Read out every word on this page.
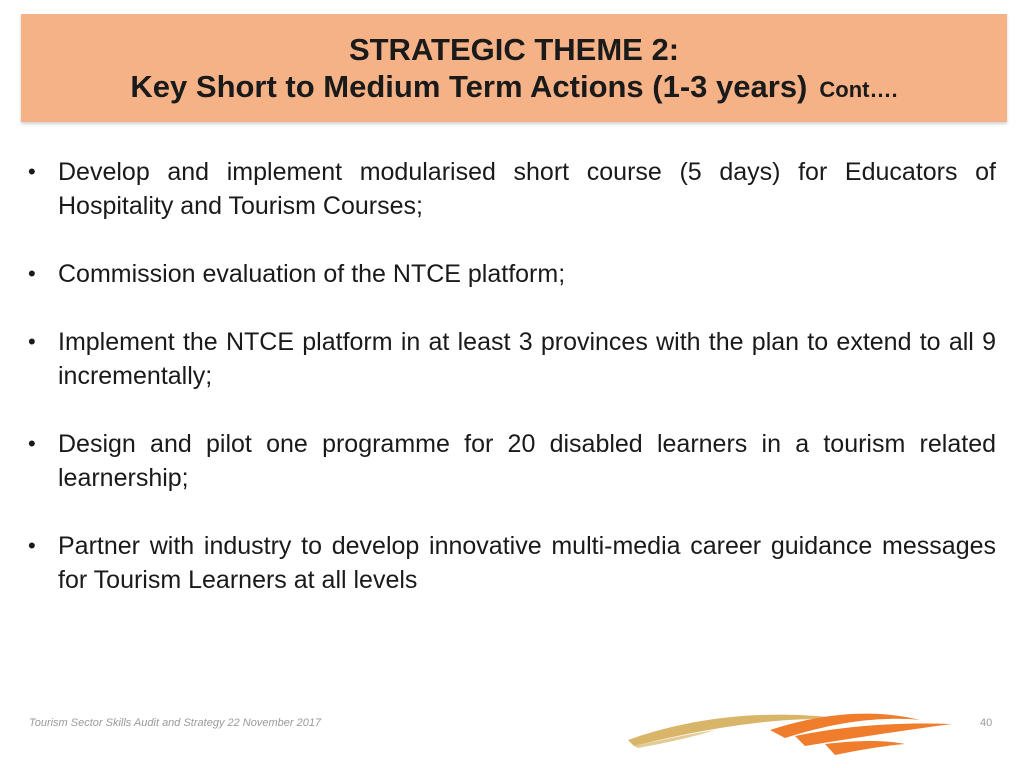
STRATEGIC THEME 2:
Key Short to Medium Term Actions (1-3 years) Cont….
• Develop and implement modularised short course (5 days) for Educators of Hospitality and Tourism Courses;
• Commission evaluation of the NTCE platform;
• Implement the NTCE platform in at least 3 provinces with the plan to extend to all 9 incrementally;
• Design and pilot one programme for 20 disabled learners in a tourism related learnership;
• Partner with industry to develop innovative multi-media career guidance messages for Tourism Learners at all levels
Tourism Sector Skills Audit and Strategy 22 November 2017	40
